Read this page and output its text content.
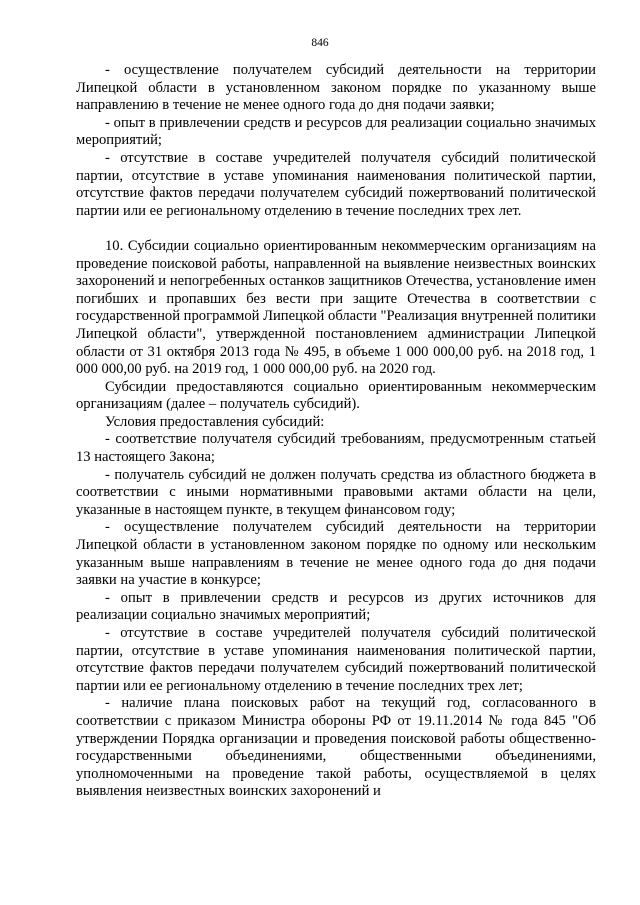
846

- осуществление получателем субсидий деятельности на территории Липецкой области в установленном законом порядке по указанному выше направлению в течение не менее одного года до дня подачи заявки;

- опыт в привлечении средств и ресурсов для реализации социально значимых мероприятий;

- отсутствие в составе учредителей получателя субсидий политической партии, отсутствие в уставе упоминания наименования политической партии, отсутствие фактов передачи получателем субсидий пожертвований политической партии или ее региональному отделению в течение последних трех лет.

10. Субсидии социально ориентированным некоммерческим организациям на проведение поисковой работы, направленной на выявление неизвестных воинских захоронений и непогребенных останков защитников Отечества, установление имен погибших и пропавших без вести при защите Отечества в соответствии с государственной программой Липецкой области "Реализация внутренней политики Липецкой области", утвержденной постановлением администрации Липецкой области от 31 октября 2013 года № 495, в объеме 1 000 000,00 руб. на 2018 год, 1 000 000,00 руб. на 2019 год, 1 000 000,00 руб. на 2020 год.

Субсидии предоставляются социально ориентированным некоммерческим организациям (далее – получатель субсидий).

Условия предоставления субсидий:

- соответствие получателя субсидий требованиям, предусмотренным статьей 13 настоящего Закона;

- получатель субсидий не должен получать средства из областного бюджета в соответствии с иными нормативными правовыми актами области на цели, указанные в настоящем пункте, в текущем финансовом году;

- осуществление получателем субсидий деятельности на территории Липецкой области в установленном законом порядке по одному или нескольким указанным выше направлениям в течение не менее одного года до дня подачи заявки на участие в конкурсе;

- опыт в привлечении средств и ресурсов из других источников для реализации социально значимых мероприятий;

- отсутствие в составе учредителей получателя субсидий политической партии, отсутствие в уставе упоминания наименования политической партии, отсутствие фактов передачи получателем субсидий пожертвований политической партии или ее региональному отделению в течение последних трех лет;

- наличие плана поисковых работ на текущий год, согласованного в соответствии с приказом Министра обороны РФ от 19.11.2014 № года 845 "Об утверждении Порядка организации и проведения поисковой работы общественно-государственными объединениями, общественными объединениями, уполномоченными на проведение такой работы, осуществляемой в целях выявления неизвестных воинских захоронений и
